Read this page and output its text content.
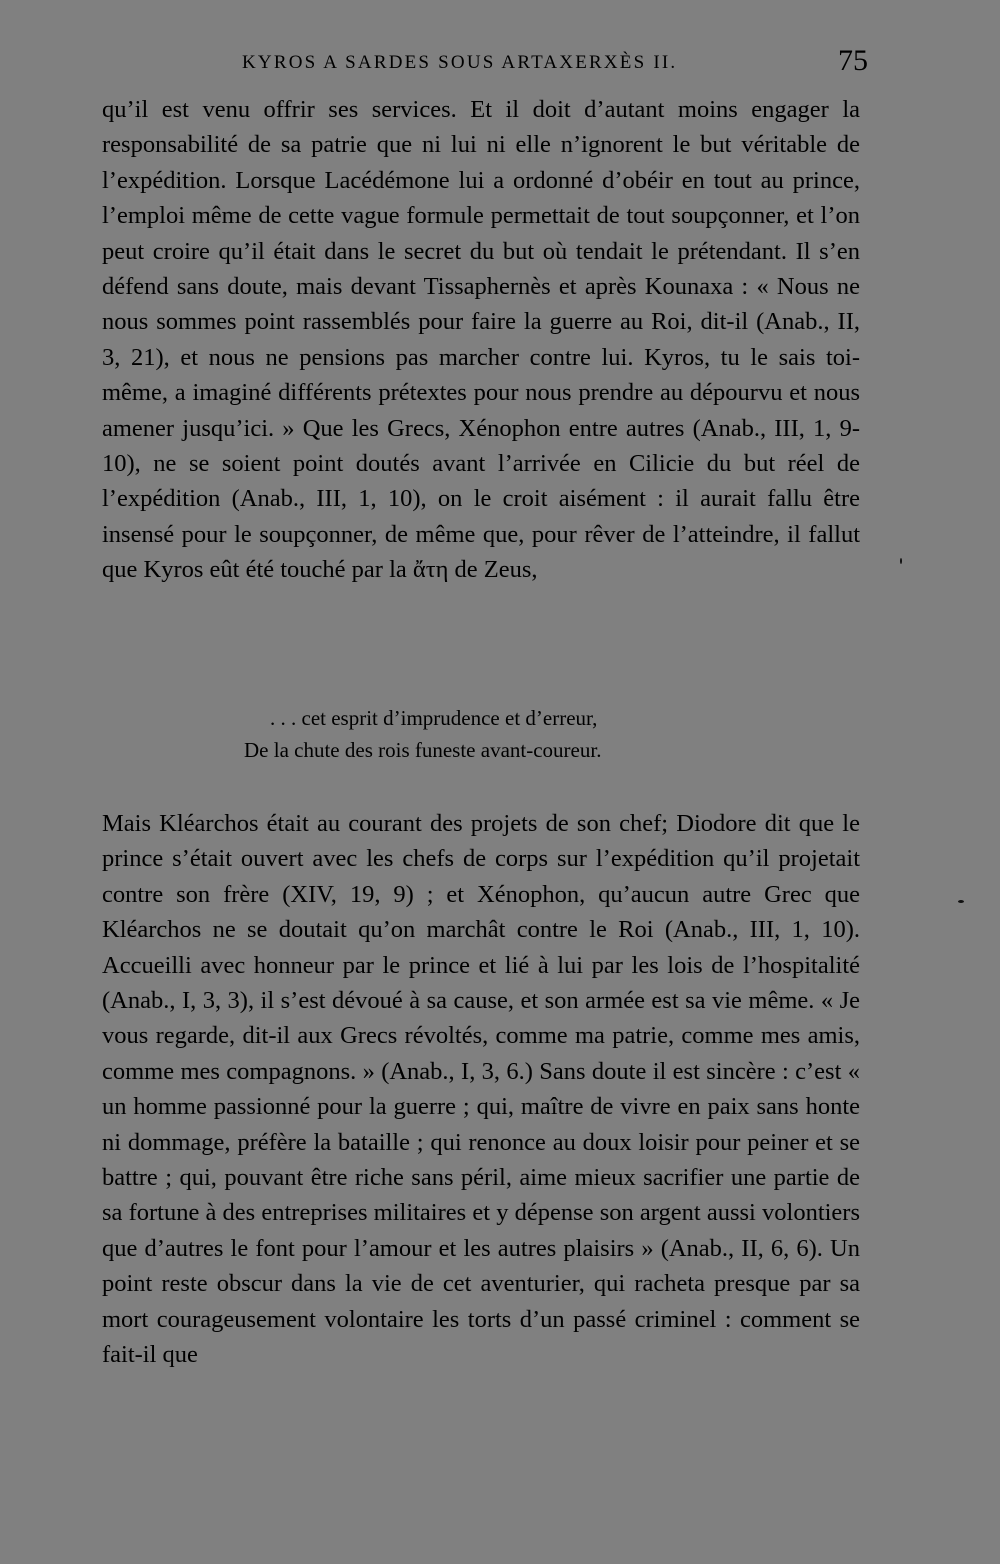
KYROS A SARDES SOUS ARTAXERXÈS II.	75

qu’il est venu offrir ses services. Et il doit d’autant moins engager la responsabilité de sa patrie que ni lui ni elle n’ignorent le but véritable de l’expédition. Lorsque Lacédémone lui a ordonné d’obéir en tout au prince, l’emploi même de cette vague formule permettait de tout soupçonner, et l’on peut croire qu’il était dans le secret du but où tendait le prétendant. Il s’en défend sans doute, mais devant Tissaphernès et après Kounaxa : « Nous ne nous sommes point rassemblés pour faire la guerre au Roi, dit-il (Anab., II, 3, 21), et nous ne pensions pas marcher contre lui. Kyros, tu le sais toi-même, a imaginé différents prétextes pour nous prendre au dépourvu et nous amener jusqu’ici. » Que les Grecs, Xénophon entre autres (Anab., III, 1, 9-10), ne se soient point doutés avant l’arrivée en Cilicie du but réel de l’expédition (Anab., III, 1, 10), on le croit aisément : il aurait fallu être insensé pour le soupçonner, de même que, pour rêver de l’atteindre, il fallut que Kyros eût été touché par la ἄτη de Zeus,

. . . cet esprit d’imprudence et d’erreur,
De la chute des rois funeste avant-coureur.

Mais Kléarchos était au courant des projets de son chef; Diodore dit que le prince s’était ouvert avec les chefs de corps sur l’expédition qu’il projetait contre son frère (XIV, 19, 9) ; et Xénophon, qu’aucun autre Grec que Kléarchos ne se doutait qu’on marchât contre le Roi (Anab., III, 1, 10). Accueilli avec honneur par le prince et lié à lui par les lois de l’hospitalité (Anab., I, 3, 3), il s’est dévoué à sa cause, et son armée est sa vie même. « Je vous regarde, dit-il aux Grecs révoltés, comme ma patrie, comme mes amis, comme mes compagnons. » (Anab., I, 3, 6.) Sans doute il est sincère : c’est « un homme passionné pour la guerre ; qui, maître de vivre en paix sans honte ni dommage, préfère la bataille ; qui renonce au doux loisir pour peiner et se battre ; qui, pouvant être riche sans péril, aime mieux sacrifier une partie de sa fortune à des entreprises militaires et y dépense son argent aussi volontiers que d’autres le font pour l’amour et les autres plaisirs » (Anab., II, 6, 6). Un point reste obscur dans la vie de cet aventurier, qui racheta presque par sa mort courageusement volontaire les torts d’un passé criminel : comment se fait-il que
